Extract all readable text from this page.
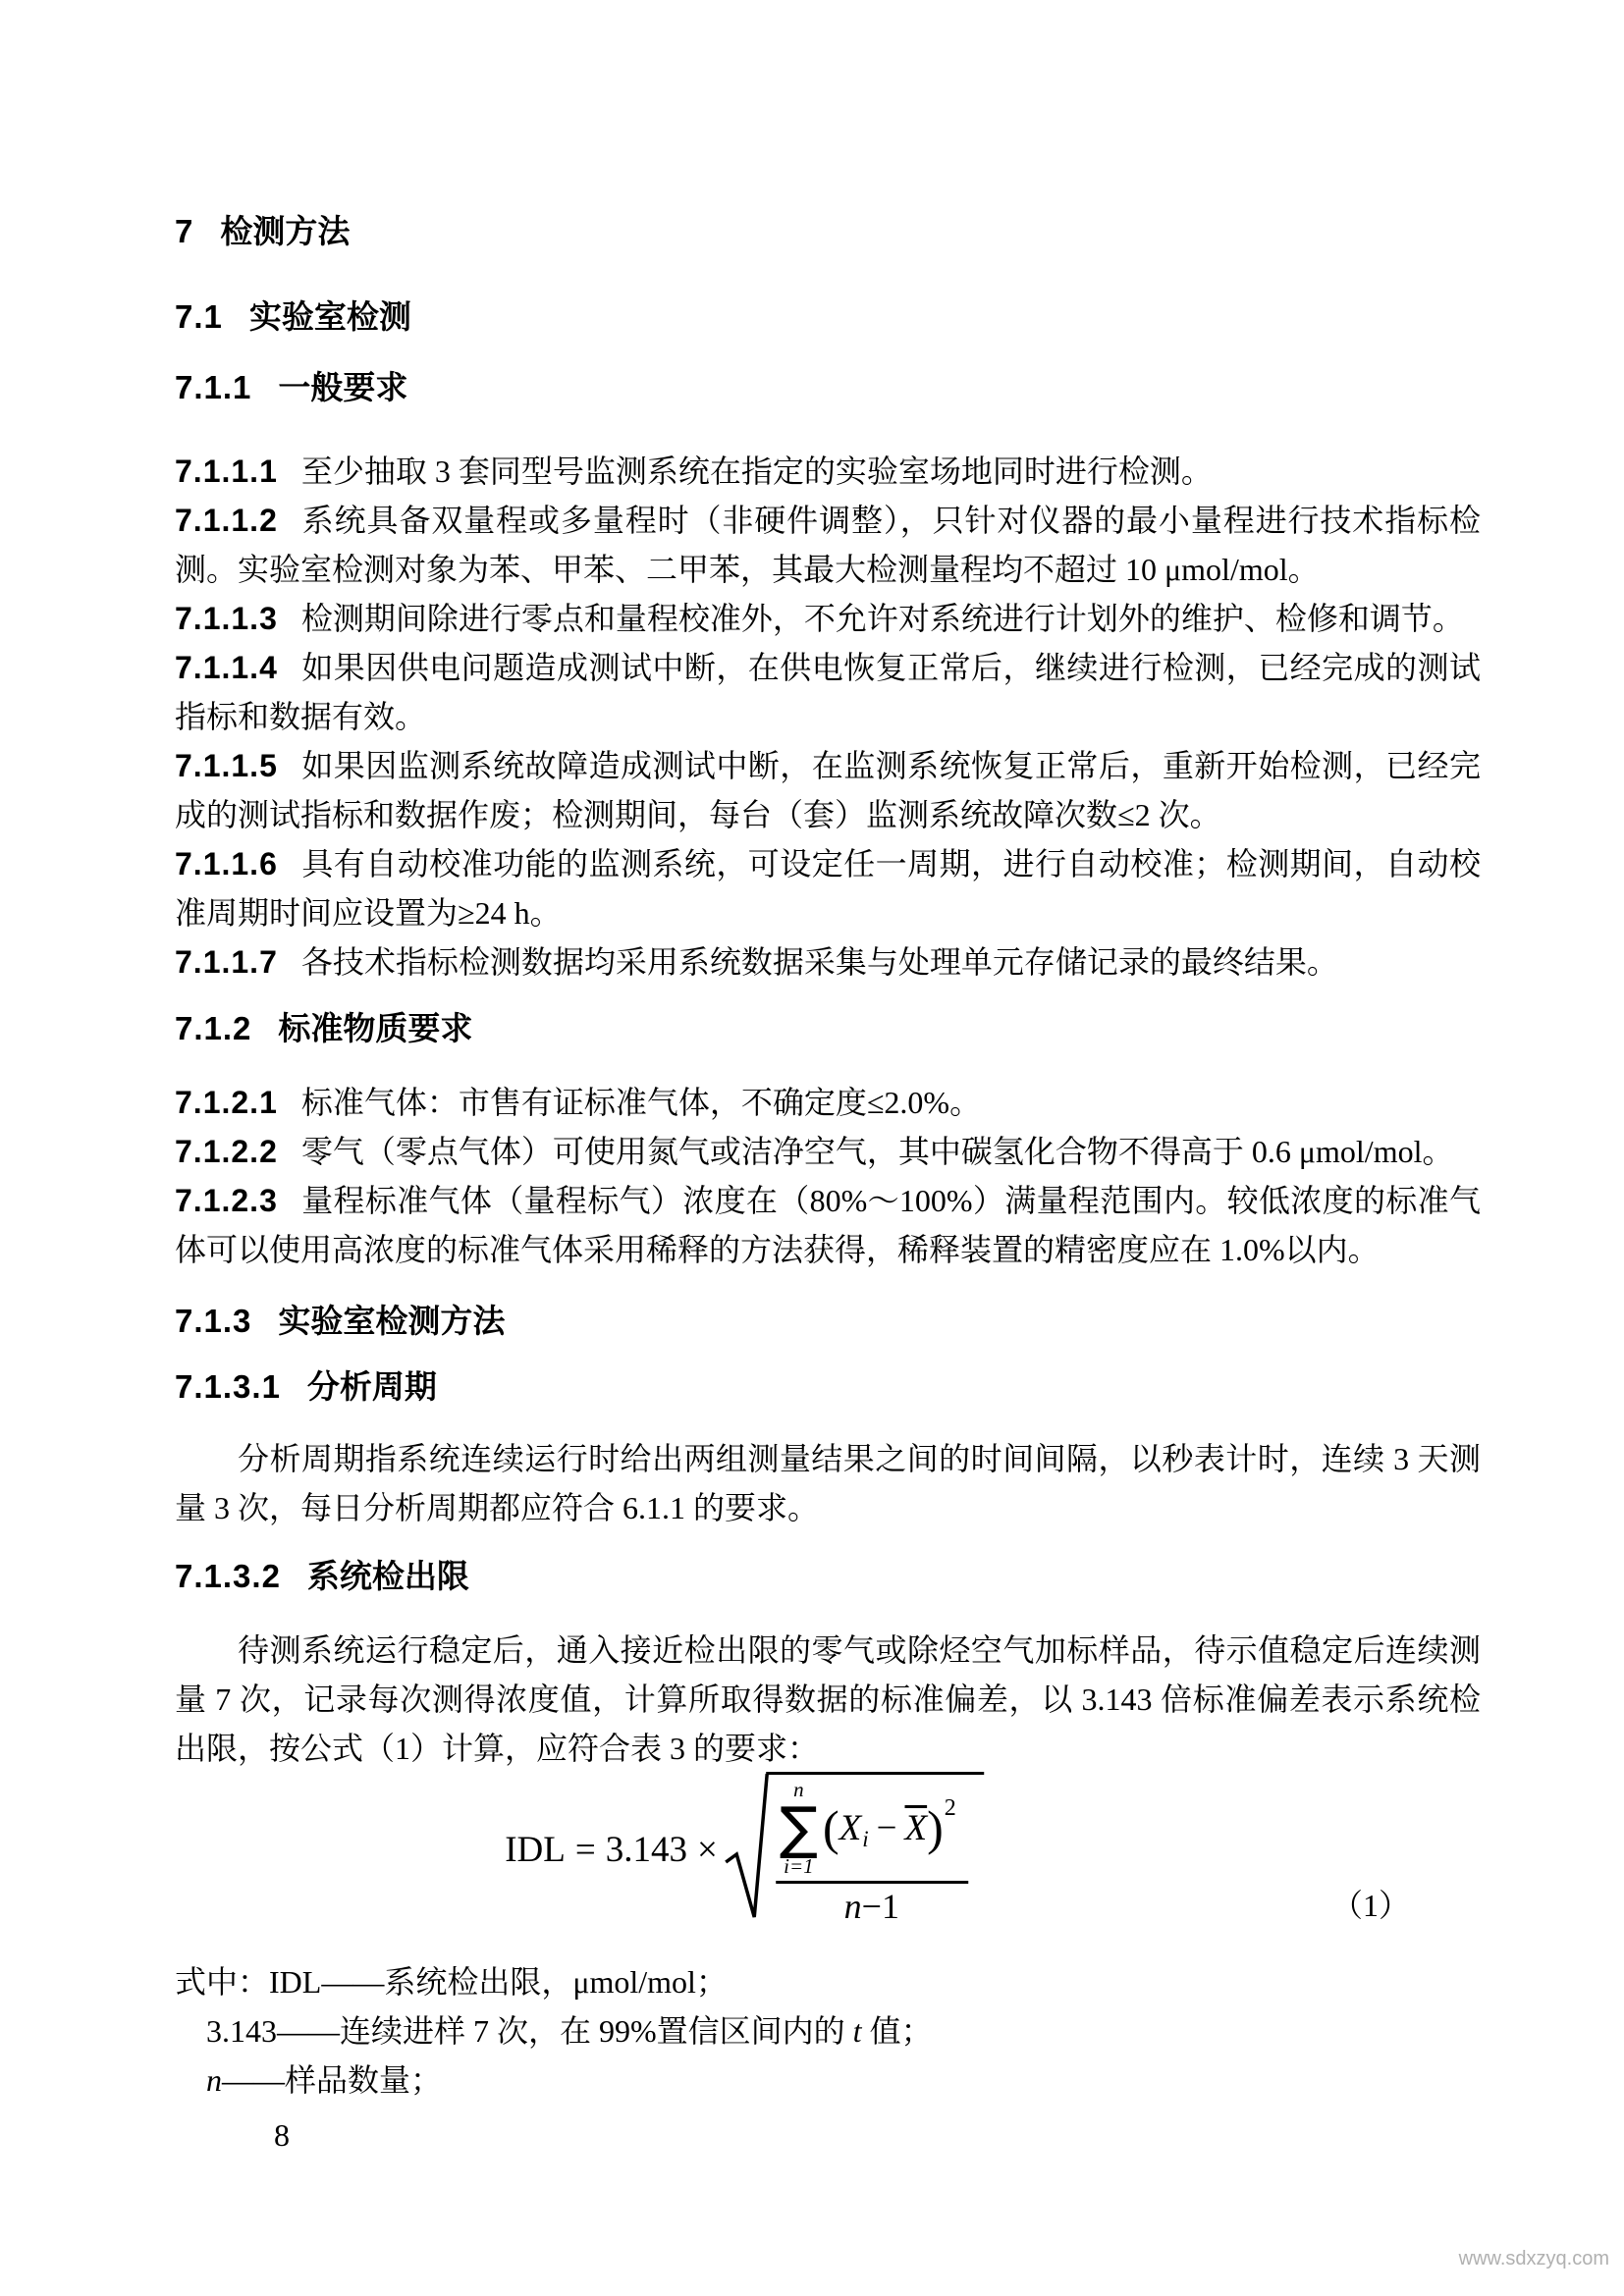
7 检测方法

7.1 实验室检测

7.1.1 一般要求

7.1.1.1 至少抽取 3 套同型号监测系统在指定的实验室场地同时进行检测。

7.1.1.2 系统具备双量程或多量程时（非硬件调整），只针对仪器的最小量程进行技术指标检测。实验室检测对象为苯、甲苯、二甲苯，其最大检测量程均不超过 10 μmol/mol。

7.1.1.3 检测期间除进行零点和量程校准外，不允许对系统进行计划外的维护、检修和调节。

7.1.1.4 如果因供电问题造成测试中断，在供电恢复正常后，继续进行检测，已经完成的测试指标和数据有效。

7.1.1.5 如果因监测系统故障造成测试中断，在监测系统恢复正常后，重新开始检测，已经完成的测试指标和数据作废；检测期间，每台（套）监测系统故障次数≤2 次。

7.1.1.6 具有自动校准功能的监测系统，可设定任一周期，进行自动校准；检测期间，自动校准周期时间应设置为≥24 h。

7.1.1.7 各技术指标检测数据均采用系统数据采集与处理单元存储记录的最终结果。

7.1.2 标准物质要求

7.1.2.1 标准气体：市售有证标准气体，不确定度≤2.0%。

7.1.2.2 零气（零点气体）可使用氮气或洁净空气，其中碳氢化合物不得高于 0.6 μmol/mol。

7.1.2.3 量程标准气体（量程标气）浓度在（80%～100%）满量程范围内。较低浓度的标准气体可以使用高浓度的标准气体采用稀释的方法获得，稀释装置的精密度应在 1.0%以内。

7.1.3 实验室检测方法

7.1.3.1 分析周期

分析周期指系统连续运行时给出两组测量结果之间的时间间隔，以秒表计时，连续 3 天测量 3 次，每日分析周期都应符合 6.1.1 的要求。

7.1.3.2 系统检出限

待测系统运行稳定后，通入接近检出限的零气或除烃空气加标样品，待示值稳定后连续测量 7 次，记录每次测得浓度值，计算所取得数据的标准偏差，以 3.143 倍标准偏差表示系统检出限，按公式（1）计算，应符合表 3 的要求：

IDL = 3.143 ×
n
∑
i=1
( X $i - \overline{X}$ ) 2
n−1	（1）

式中：IDL——系统检出限，μmol/mol；

3.143——连续进样 7 次，在 99%置信区间内的 t 值；

n——样品数量；

8
www.sdxzyq.com
